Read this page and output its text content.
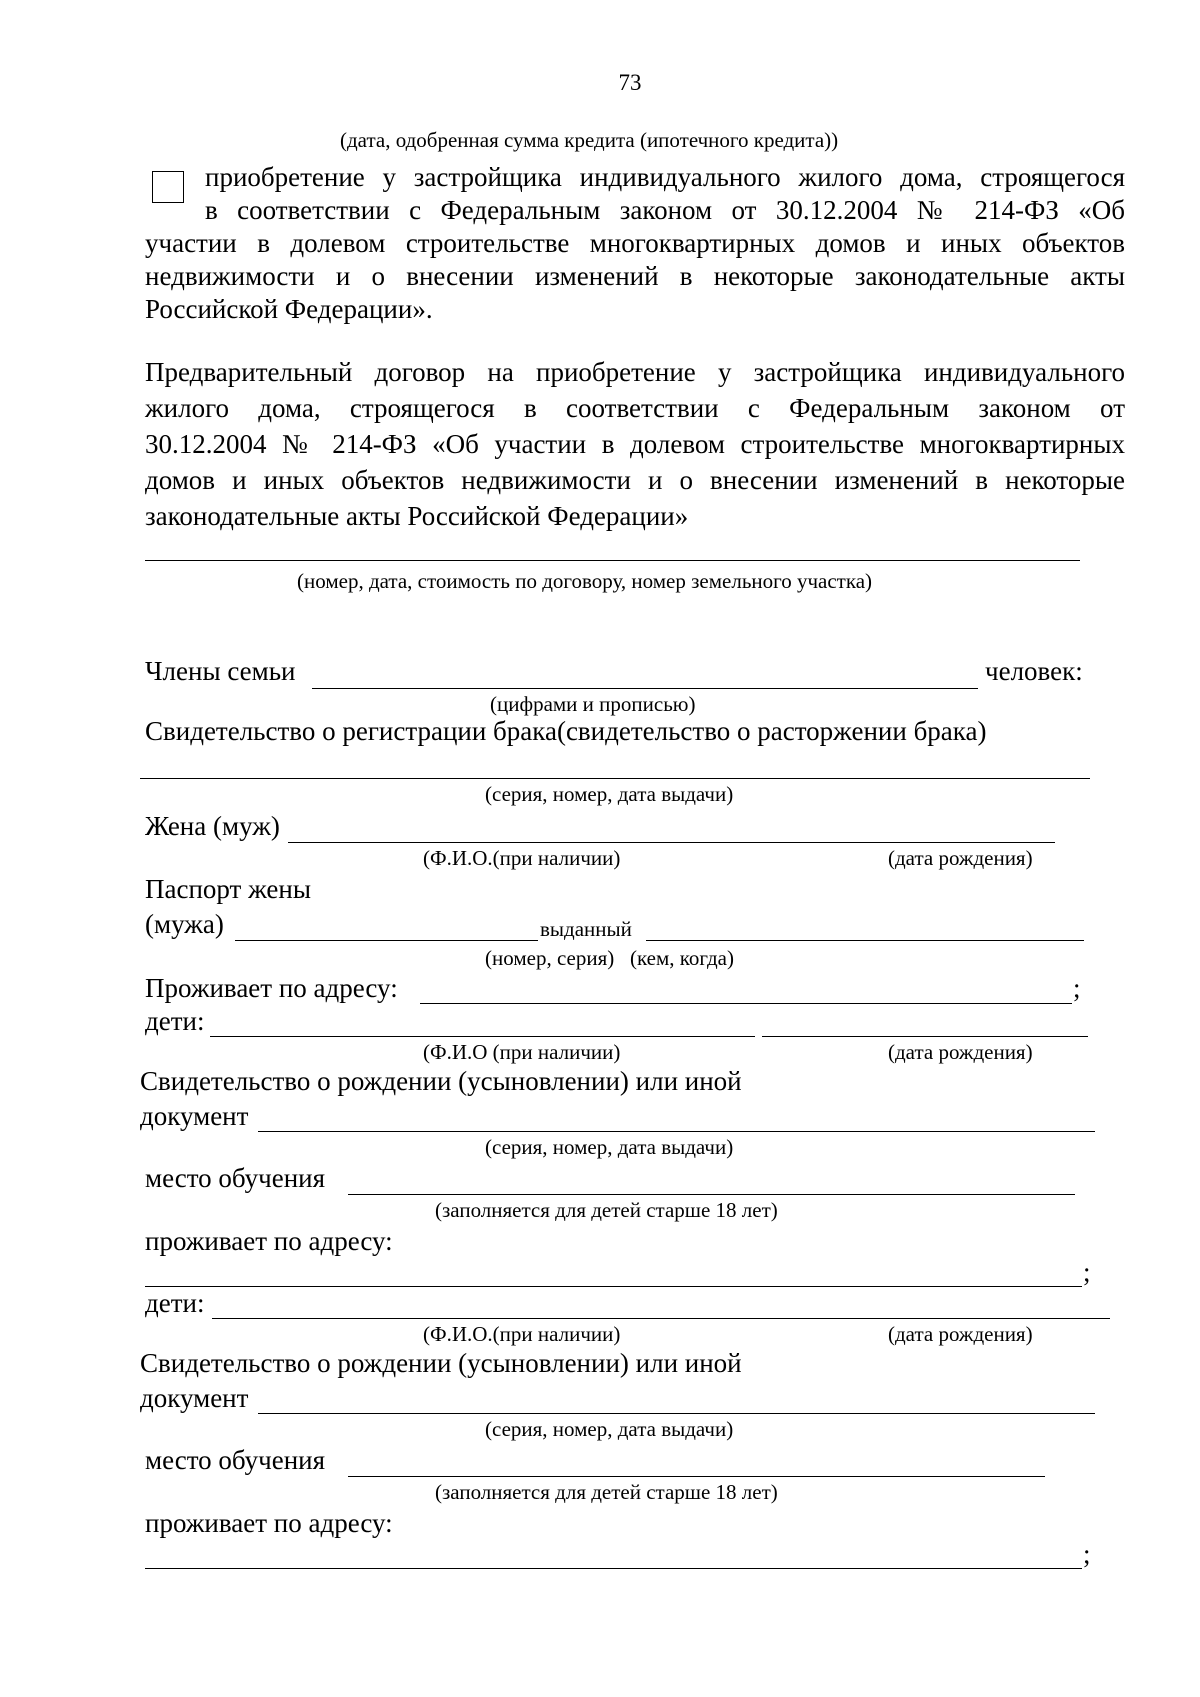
73
(дата, одобренная сумма кредита (ипотечного кредита))
приобретение у застройщика индивидуального жилого дома, строящегося
в соответствии с Федеральным законом от 30.12.2004 № 214-ФЗ «Об
участии в долевом строительстве многоквартирных домов и иных объектов
недвижимости и о внесении изменений в некоторые законодательные акты
Российской Федерации».
Предварительный договор на приобретение у застройщика индивидуального
жилого дома, строящегося в соответствии с Федеральным законом от
30.12.2004 № 214-ФЗ «Об участии в долевом строительстве многоквартирных
домов и иных объектов недвижимости и о внесении изменений в некоторые
законодательные акты Российской Федерации»
(номер, дата, стоимость по договору, номер земельного участка)
Члены семьи	человек:
(цифрами и прописью)
Свидетельство о регистрации брака(свидетельство о расторжении брака)
(серия, номер, дата выдачи)
Жена (муж)
(Ф.И.О.(при наличии)	(дата рождения)
Паспорт жены
(мужа)	выданный
(номер, серия)   (кем, когда)
Проживает по адресу:	;
дети:
(Ф.И.О (при наличии)	(дата рождения)
Свидетельство о рождении (усыновлении) или иной
документ
(серия, номер, дата выдачи)
место обучения
(заполняется для детей старше 18 лет)
проживает по адресу:
;
дети:
(Ф.И.О.(при наличии)	(дата рождения)
Свидетельство о рождении (усыновлении) или иной
документ
(серия, номер, дата выдачи)
место обучения
(заполняется для детей старше 18 лет)
проживает по адресу:
;
